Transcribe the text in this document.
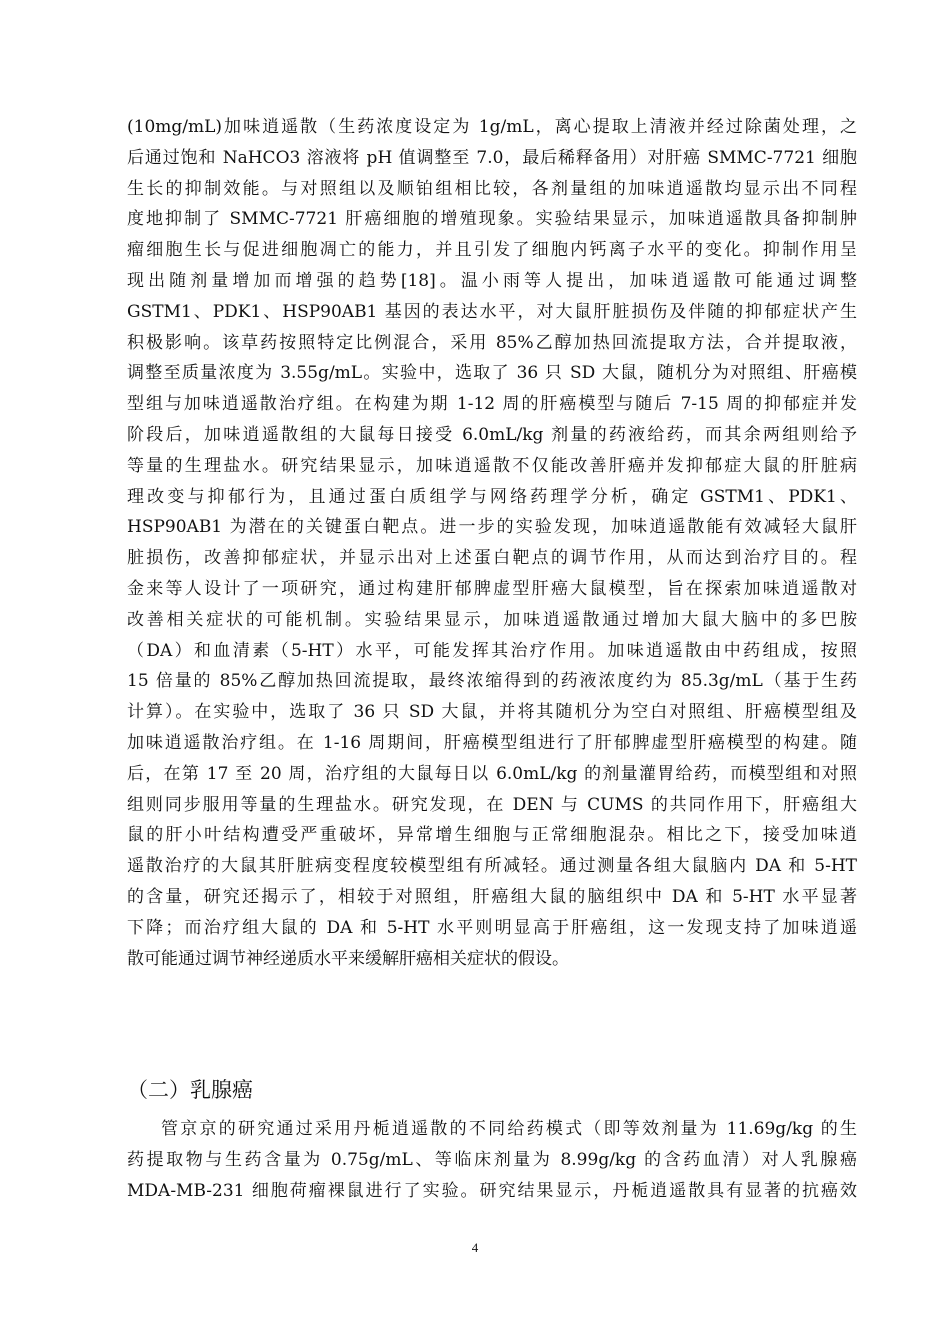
(10mg/mL)加味逍遥散（生药浓度设定为 1g/mL，离心提取上清液并经过除菌处理，之
后通过饱和 NaHCO3 溶液将 pH 值调整至 7.0，最后稀释备用）对肝癌 SMMC-7721 细胞
生长的抑制效能。与对照组以及顺铂组相比较，各剂量组的加味逍遥散均显示出不同程
度地抑制了 SMMC-7721 肝癌细胞的增殖现象。实验结果显示，加味逍遥散具备抑制肿
瘤细胞生长与促进细胞凋亡的能力，并且引发了细胞内钙离子水平的变化。抑制作用呈
现出随剂量增加而增强的趋势[18]。温小雨等人提出，加味逍遥散可能通过调整
GSTM1、PDK1、HSP90AB1 基因的表达水平，对大鼠肝脏损伤及伴随的抑郁症状产生
积极影响。该草药按照特定比例混合，采用 85%乙醇加热回流提取方法，合并提取液，
调整至质量浓度为 3.55g/mL。实验中，选取了 36 只 SD 大鼠，随机分为对照组、肝癌模
型组与加味逍遥散治疗组。在构建为期 1-12 周的肝癌模型与随后 7-15 周的抑郁症并发
阶段后，加味逍遥散组的大鼠每日接受 6.0mL/kg 剂量的药液给药，而其余两组则给予
等量的生理盐水。研究结果显示，加味逍遥散不仅能改善肝癌并发抑郁症大鼠的肝脏病
理改变与抑郁行为，且通过蛋白质组学与网络药理学分析，确定 GSTM1、PDK1、
HSP90AB1 为潜在的关键蛋白靶点。进一步的实验发现，加味逍遥散能有效减轻大鼠肝
脏损伤，改善抑郁症状，并显示出对上述蛋白靶点的调节作用，从而达到治疗目的。程
金来等人设计了一项研究，通过构建肝郁脾虚型肝癌大鼠模型，旨在探索加味逍遥散对
改善相关症状的可能机制。实验结果显示，加味逍遥散通过增加大鼠大脑中的多巴胺
（DA）和血清素（5-HT）水平，可能发挥其治疗作用。加味逍遥散由中药组成，按照
15 倍量的 85%乙醇加热回流提取，最终浓缩得到的药液浓度约为 85.3g/mL（基于生药
计算）。在实验中，选取了 36 只 SD 大鼠，并将其随机分为空白对照组、肝癌模型组及
加味逍遥散治疗组。在 1-16 周期间，肝癌模型组进行了肝郁脾虚型肝癌模型的构建。随
后，在第 17 至 20 周，治疗组的大鼠每日以 6.0mL/kg 的剂量灌胃给药，而模型组和对照
组则同步服用等量的生理盐水。研究发现，在 DEN 与 CUMS 的共同作用下，肝癌组大
鼠的肝小叶结构遭受严重破坏，异常增生细胞与正常细胞混杂。相比之下，接受加味逍
遥散治疗的大鼠其肝脏病变程度较模型组有所减轻。通过测量各组大鼠脑内 DA 和 5-HT
的含量，研究还揭示了，相较于对照组，肝癌组大鼠的脑组织中 DA 和 5-HT 水平显著
下降；而治疗组大鼠的 DA 和 5-HT 水平则明显高于肝癌组，这一发现支持了加味逍遥
散可能通过调节神经递质水平来缓解肝癌相关症状的假设。
（二）乳腺癌
管京京的研究通过采用丹栀逍遥散的不同给药模式（即等效剂量为 11.69g/kg 的生
药提取物与生药含量为 0.75g/mL、等临床剂量为 8.99g/kg 的含药血清）对人乳腺癌
MDA-MB-231 细胞荷瘤裸鼠进行了实验。研究结果显示，丹栀逍遥散具有显著的抗癌效
4
